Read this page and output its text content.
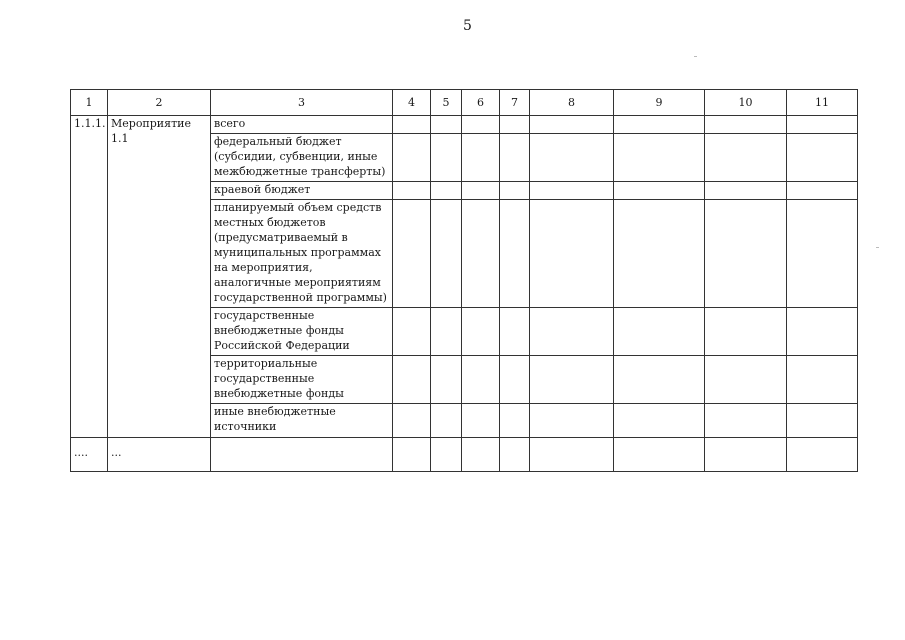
5
1	2	3	4	5	6	7	8	9	10	11
1.1.1.	Мероприятие 1.1	всего								
		федеральный бюджет (субсидии, субвенции, иные межбюджетные трансферты)								
		краевой бюджет								
		планируемый объем средств местных бюджетов (предусматриваемый в муниципальных программах на мероприятия, аналогичные мероприятиям государственной программы)								
		государственные внебюджетные фонды Российской Федерации								
		территориальные государственные внебюджетные фонды								
		иные внебюджетные источники								
....	...									
